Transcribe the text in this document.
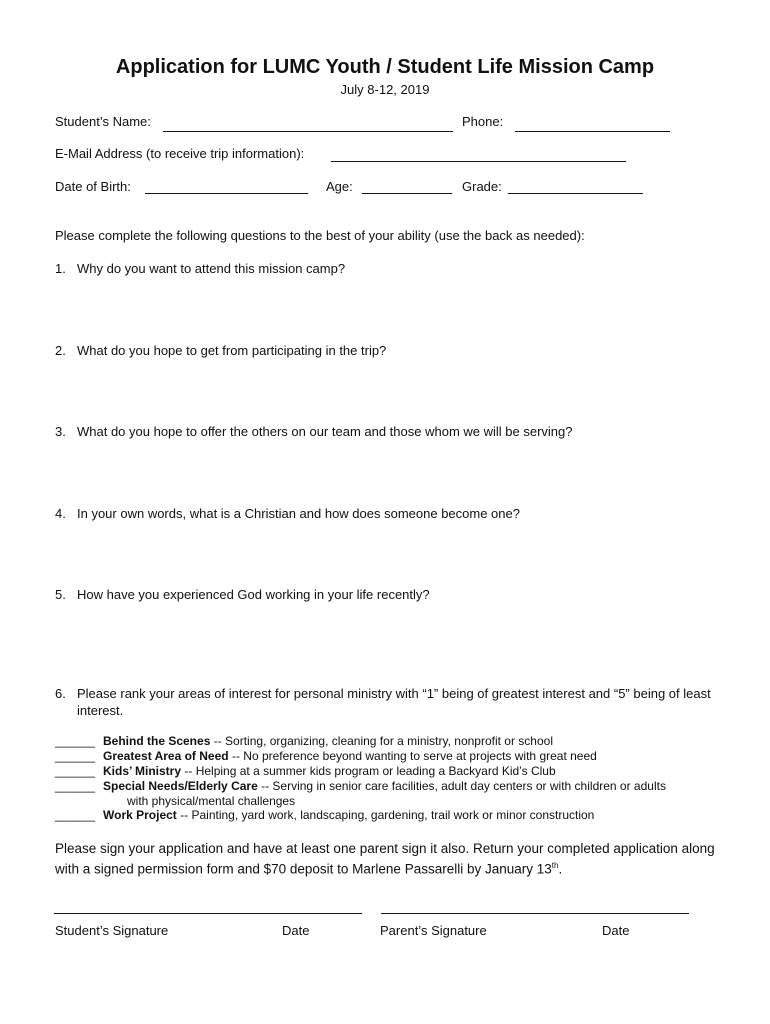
Application for LUMC Youth / Student Life Mission Camp
July 8-12, 2019
Student’s Name:	Phone:
E-Mail Address (to receive trip information):
Date of Birth:	Age:	Grade:
Please complete the following questions to the best of your ability (use the back as needed):
1. Why do you want to attend this mission camp?
2. What do you hope to get from participating in the trip?
3. What do you hope to offer the others on our team and those whom we will be serving?
4. In your own words, what is a Christian and how does someone become one?
5. How have you experienced God working in your life recently?
6. Please rank your areas of interest for personal ministry with “1” being of greatest interest and “5” being of least interest.
______ Behind the Scenes -- Sorting, organizing, cleaning for a ministry, nonprofit or school
______ Greatest Area of Need -- No preference beyond wanting to serve at projects with great need
______ Kids’ Ministry -- Helping at a summer kids program or leading a Backyard Kid’s Club
______ Special Needs/Elderly Care -- Serving in senior care facilities, adult day centers or with children or adults
with physical/mental challenges
______ Work Project -- Painting, yard work, landscaping, gardening, trail work or minor construction
Please sign your application and have at least one parent sign it also. Return your completed application along with a signed permission form and $70 deposit to Marlene Passarelli by January 13th.
Student’s Signature	Date	Parent’s Signature	Date
